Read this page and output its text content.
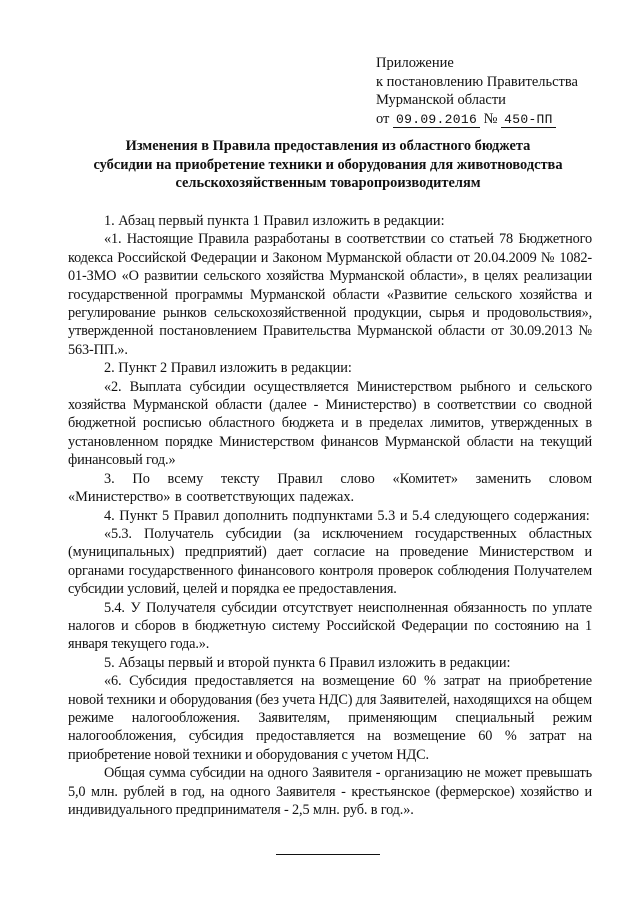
Приложение
к постановлению Правительства
Мурманской области
от 09.09.2016 № 450-ПП
Изменения в Правила предоставления из областного бюджета
субсидии на приобретение техники и оборудования для животноводства
сельскохозяйственным товаропроизводителям

1. Абзац первый пункта 1 Правил изложить в редакции:

«1. Настоящие Правила разработаны в соответствии со статьей 78 Бюджетного кодекса Российской Федерации и Законом Мурманской области от 20.04.2009 № 1082-01-ЗМО «О развитии сельского хозяйства Мурманской области», в целях реализации государственной программы Мурманской области «Развитие сельского хозяйства и регулирование рынков сельскохозяйственной продукции, сырья и продовольствия», утвержденной постановлением Правительства Мурманской области от 30.09.2013 № 563-ПП.».

2. Пункт 2 Правил изложить в редакции:

«2. Выплата субсидии осуществляется Министерством рыбного и сельского хозяйства Мурманской области (далее - Министерство) в соответствии со сводной бюджетной росписью областного бюджета и в пределах лимитов, утвержденных в установленном порядке Министерством финансов Мурманской области на текущий финансовый год.»

3. По всему тексту Правил слово «Комитет» заменить словом «Министерство» в соответствующих падежах.

4. Пункт 5 Правил дополнить подпунктами 5.3 и 5.4 следующего содержания:

«5.3. Получатель субсидии (за исключением государственных областных (муниципальных) предприятий) дает согласие на проведение Министерством и органами государственного финансового контроля проверок соблюдения Получателем субсидии условий, целей и порядка ее предоставления.

5.4. У Получателя субсидии отсутствует неисполненная обязанность по уплате налогов и сборов в бюджетную систему Российской Федерации по состоянию на 1 января текущего года.».

5. Абзацы первый и второй пункта 6 Правил изложить в редакции:

«6. Субсидия предоставляется на возмещение 60 % затрат на приобретение новой техники и оборудования (без учета НДС) для Заявителей, находящихся на общем режиме налогообложения. Заявителям, применяющим специальный режим налогообложения, субсидия предоставляется на возмещение 60 % затрат на приобретение новой техники и оборудования с учетом НДС.

Общая сумма субсидии на одного Заявителя - организацию не может превышать 5,0 млн. рублей в год, на одного Заявителя - крестьянское (фермерское) хозяйство и индивидуального предпринимателя - 2,5 млн. руб. в год.».
